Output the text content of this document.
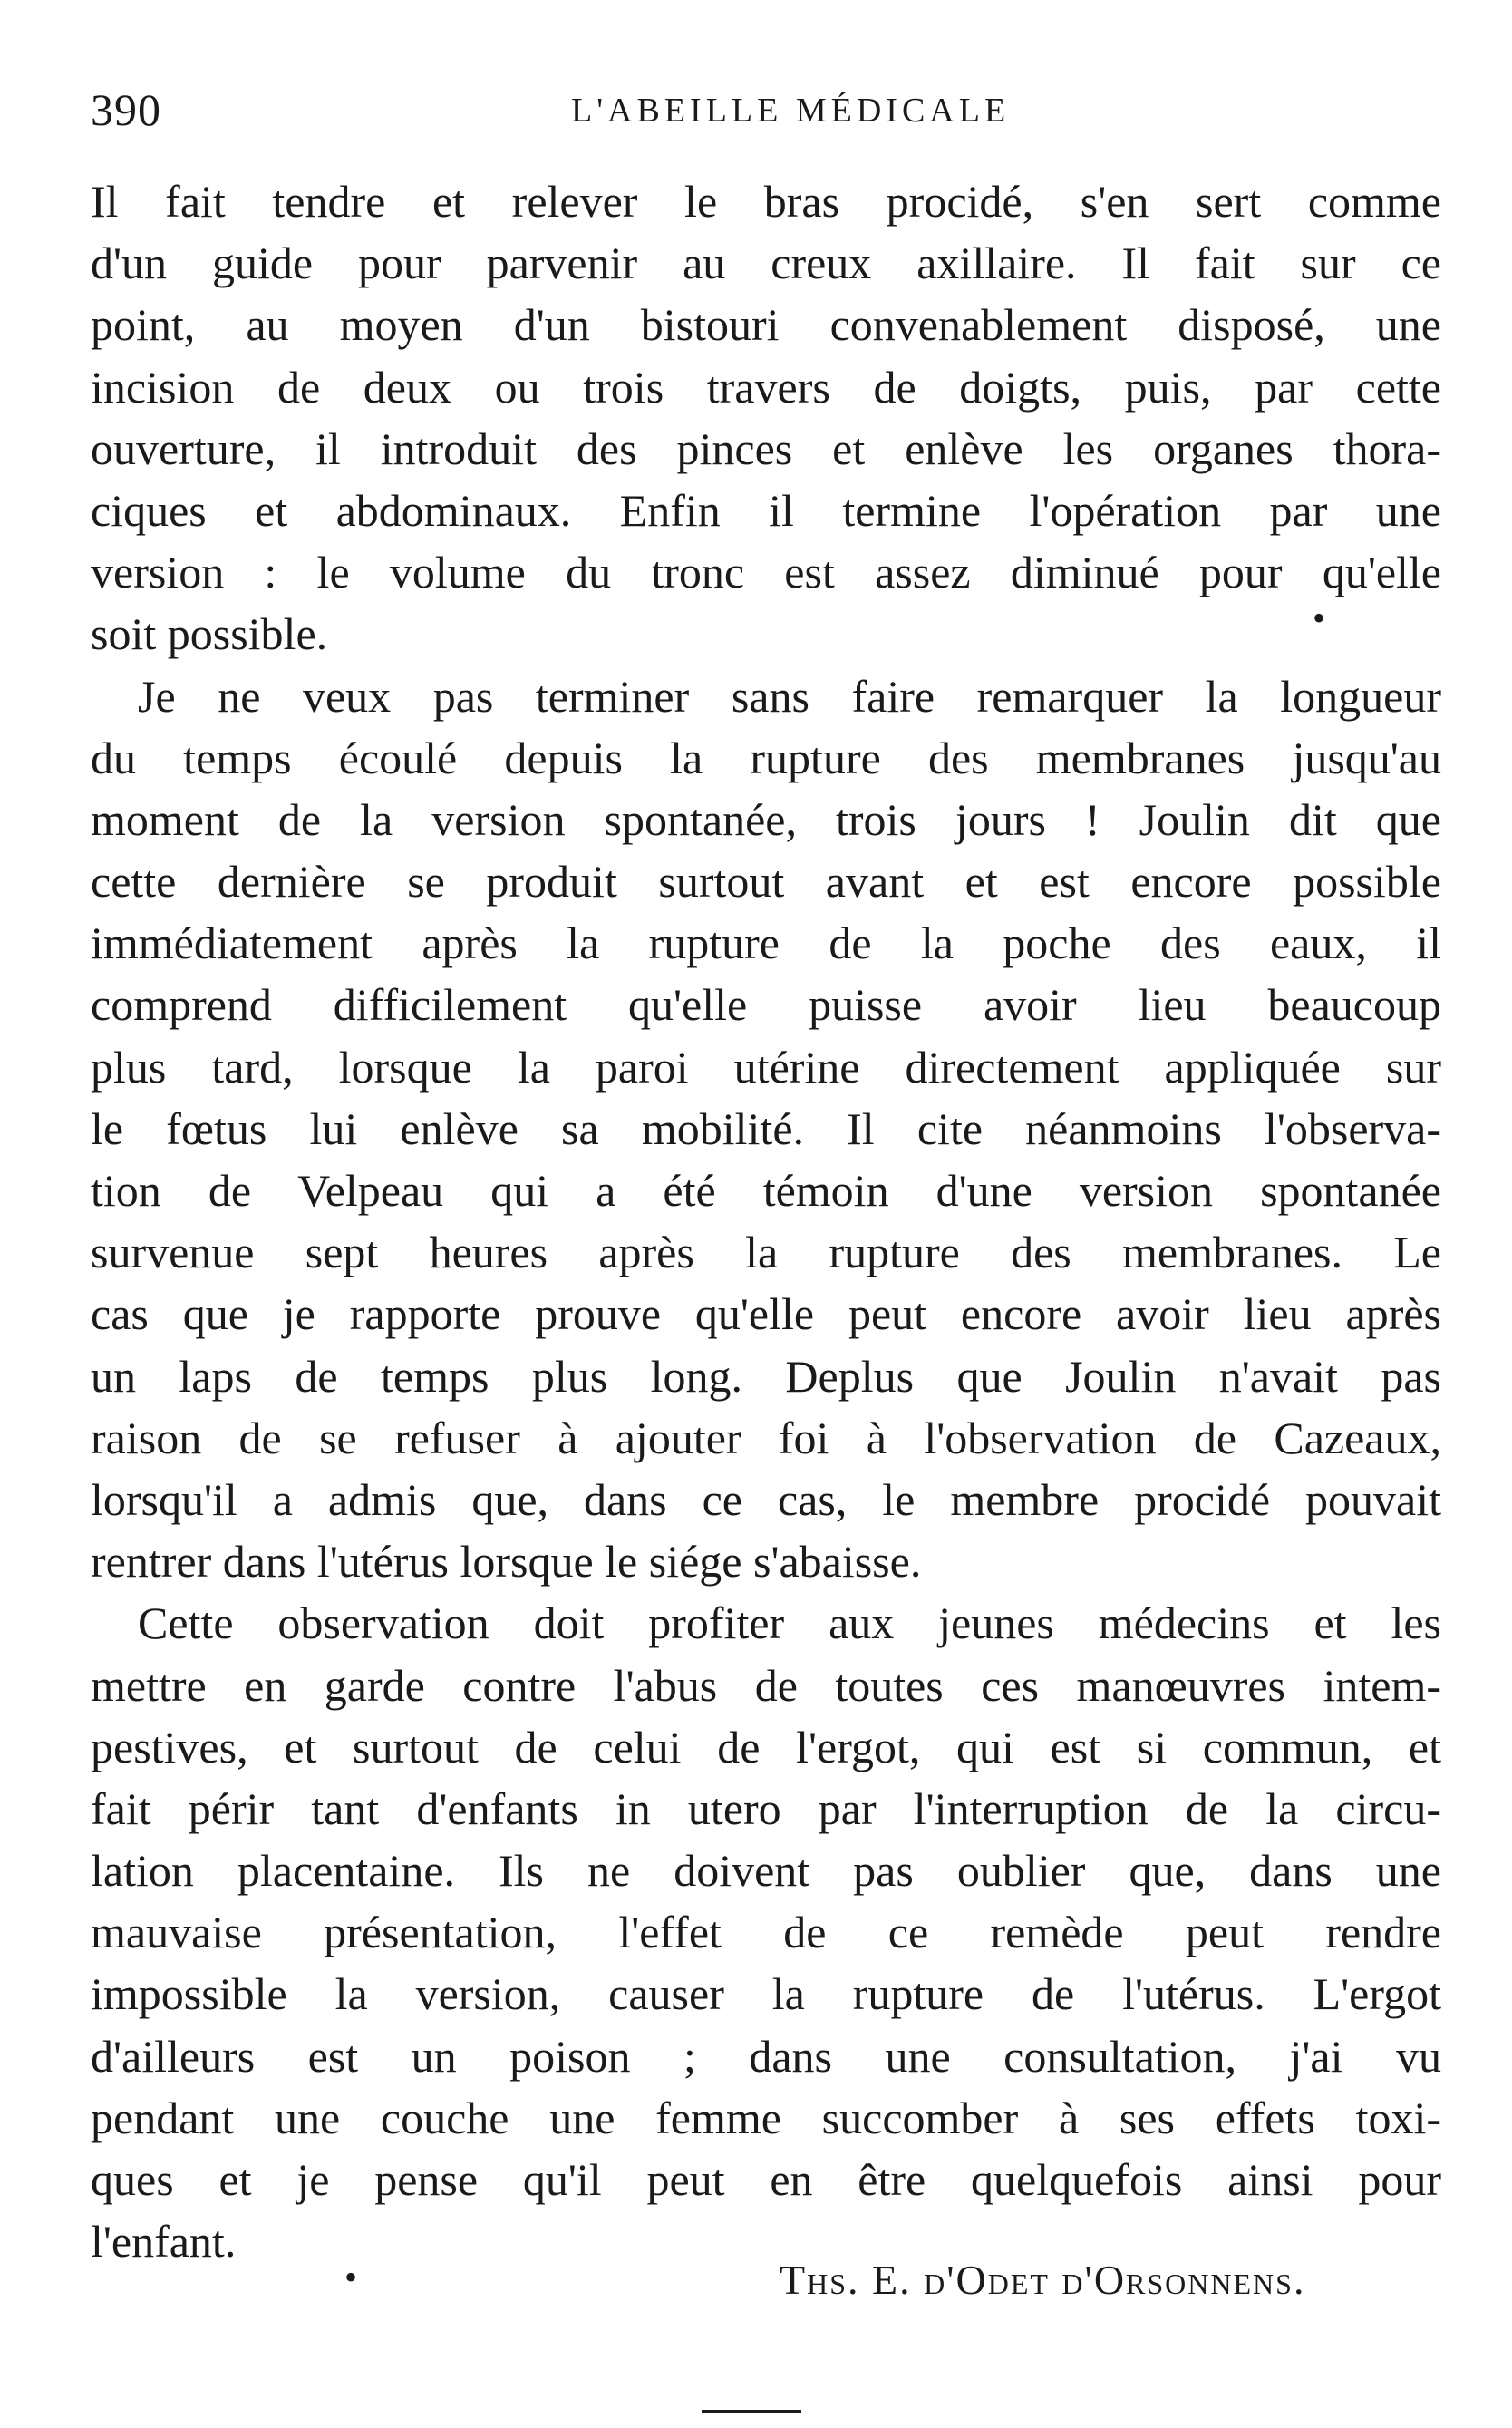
390	L'ABEILLE MÉDICALE
Il fait tendre et relever le bras procidé, s'en sert comme
d'un guide pour parvenir au creux axillaire. Il fait sur ce
point, au moyen d'un bistouri convenablement disposé, une
incision de deux ou trois travers de doigts, puis, par cette
ouverture, il introduit des pinces et enlève les organes thora-
ciques et abdominaux. Enfin il termine l'opération par une
version : le volume du tronc est assez diminué pour qu'elle
soit possible.
Je ne veux pas terminer sans faire remarquer la longueur
du temps écoulé depuis la rupture des membranes jusqu'au
moment de la version spontanée, trois jours ! Joulin dit que
cette dernière se produit surtout avant et est encore possible
immédiatement après la rupture de la poche des eaux, il
comprend difficilement qu'elle puisse avoir lieu beaucoup
plus tard, lorsque la paroi utérine directement appliquée sur
le fœtus lui enlève sa mobilité. Il cite néanmoins l'observa-
tion de Velpeau qui a été témoin d'une version spontanée
survenue sept heures après la rupture des membranes. Le
cas que je rapporte prouve qu'elle peut encore avoir lieu après
un laps de temps plus long. Deplus que Joulin n'avait pas
raison de se refuser à ajouter foi à l'observation de Cazeaux,
lorsqu'il a admis que, dans ce cas, le membre procidé pouvait
rentrer dans l'utérus lorsque le siége s'abaisse.
Cette observation doit profiter aux jeunes médecins et les
mettre en garde contre l'abus de toutes ces manœuvres intem-
pestives, et surtout de celui de l'ergot, qui est si commun, et
fait périr tant d'enfants in utero par l'interruption de la circu-
lation placentaine. Ils ne doivent pas oublier que, dans une
mauvaise présentation, l'effet de ce remède peut rendre
impossible la version, causer la rupture de l'utérus. L'ergot
d'ailleurs est un poison ; dans une consultation, j'ai vu
pendant une couche une femme succomber à ses effets toxi-
ques et je pense qu'il peut en être quelquefois ainsi pour
l'enfant.
•
•	Ths. E. d'Odet d'Orsonnens.
